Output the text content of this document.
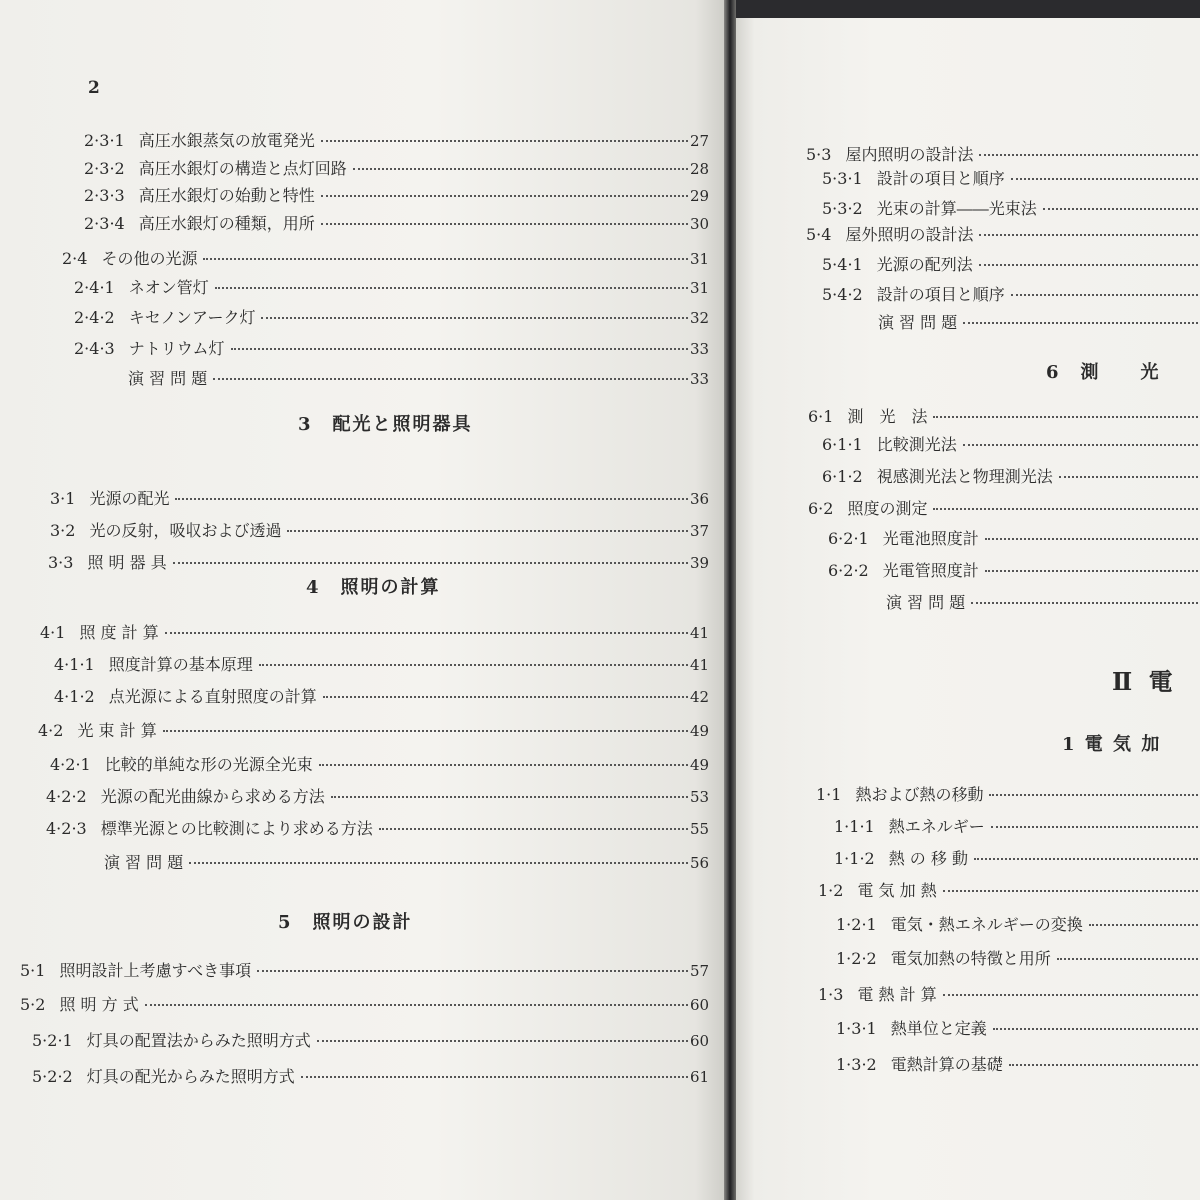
2
2·3·1 高圧水銀蒸気の放電発光	27
2·3·2 高圧水銀灯の構造と点灯回路	28
2·3·3 高圧水銀灯の始動と特性	29
2·3·4 高圧水銀灯の種類，用所	30
2·4 その他の光源	31
2·4·1 ネオン管灯	31
2·4·2 キセノンアーク灯	32
2·4·3 ナトリウム灯	33
演 習 問 題	33
3　配光と照明器具
3·1 光源の配光	36
3·2 光の反射，吸収および透過	37
3·3 照 明 器 具	39
4　照明の計算
4·1 照 度 計 算	41
4·1·1 照度計算の基本原理	41
4·1·2 点光源による直射照度の計算	42
4·2 光 束 計 算	49
4·2·1 比較的単純な形の光源全光束	49
4·2·2 光源の配光曲線から求める方法	53
4·2·3 標準光源との比較測により求める方法	55
演 習 問 題	56
5　照明の設計
5·1 照明設計上考慮すべき事項	57
5·2 照 明 方 式	60
5·2·1 灯具の配置法からみた照明方式	60
5·2·2 灯具の配光からみた照明方式	61
5·3 屋内照明の設計法
5·3·1 設計の項目と順序
5·3·2 光束の計算――光束法
5·4 屋外照明の設計法
5·4·1 光源の配列法
5·4·2 設計の項目と順序
演 習 問 題
6　測　　光
6·1 測　光　法
6·1·1 比較測光法
6·1·2 視感測光法と物理測光法
6·2 照度の測定
6·2·1 光電池照度計
6·2·2 光電管照度計
演 習 問 題
Ⅱ 電
1 電 気 加
1·1 熱および熱の移動
1·1·1 熱エネルギー
1·1·2 熱 の 移 動
1·2 電 気 加 熱
1·2·1 電気・熱エネルギーの変換
1·2·2 電気加熱の特徴と用所
1·3 電 熱 計 算
1·3·1 熱単位と定義
1·3·2 電熱計算の基礎
